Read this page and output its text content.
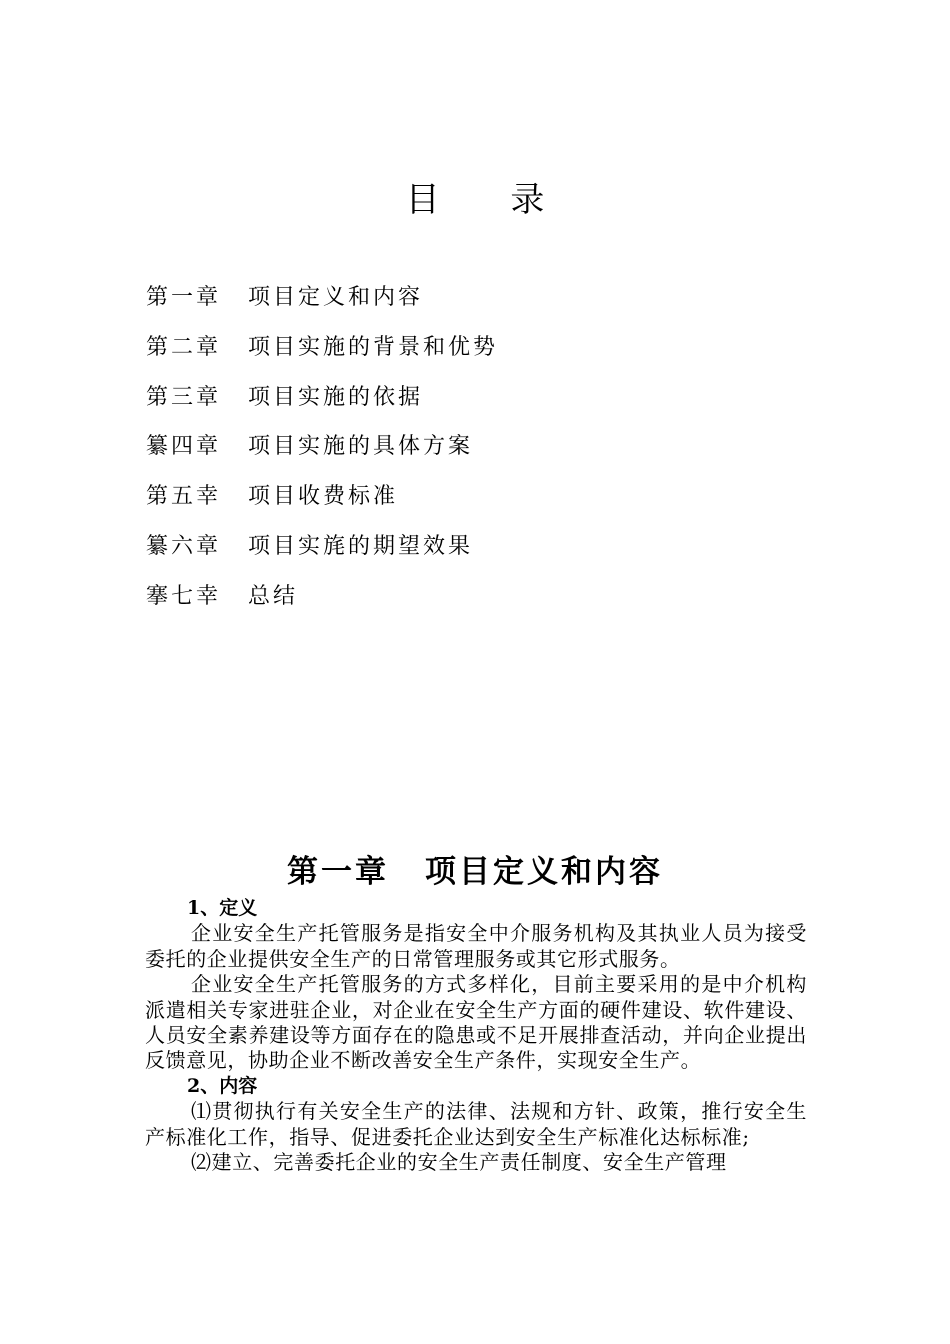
目 录
第一章 项目定义和内容
第二章 项目实施的背景和优势
第三章 项目实施的依据
纂四章 项目实施的具体方案
第五幸 项目收费标准
纂六章 项目实旄的期望效果
搴七幸 总结
第一章 项目定义和内容
1、定义

企业安全生产托管服务是指安全中介服务机构及其执业人员为接受委托的企业提供安全生产的日常管理服务或其它形式服务。

企业安全生产托管服务的方式多样化，目前主要采用的是中介机构派遣相关专家进驻企业，对企业在安全生产方面的硬件建设、软件建设、人员安全素养建设等方面存在的隐患或不足开展排查活动，并向企业提出反馈意见，协助企业不断改善安全生产条件，实现安全生产。

2、内容

⑴贯彻执行有关安全生产的法律、法规和方针、政策，推行安全生产标准化工作，指导、促进委托企业达到安全生产标准化达标标准;

⑵建立、完善委托企业的安全生产责任制度、安全生产管理
